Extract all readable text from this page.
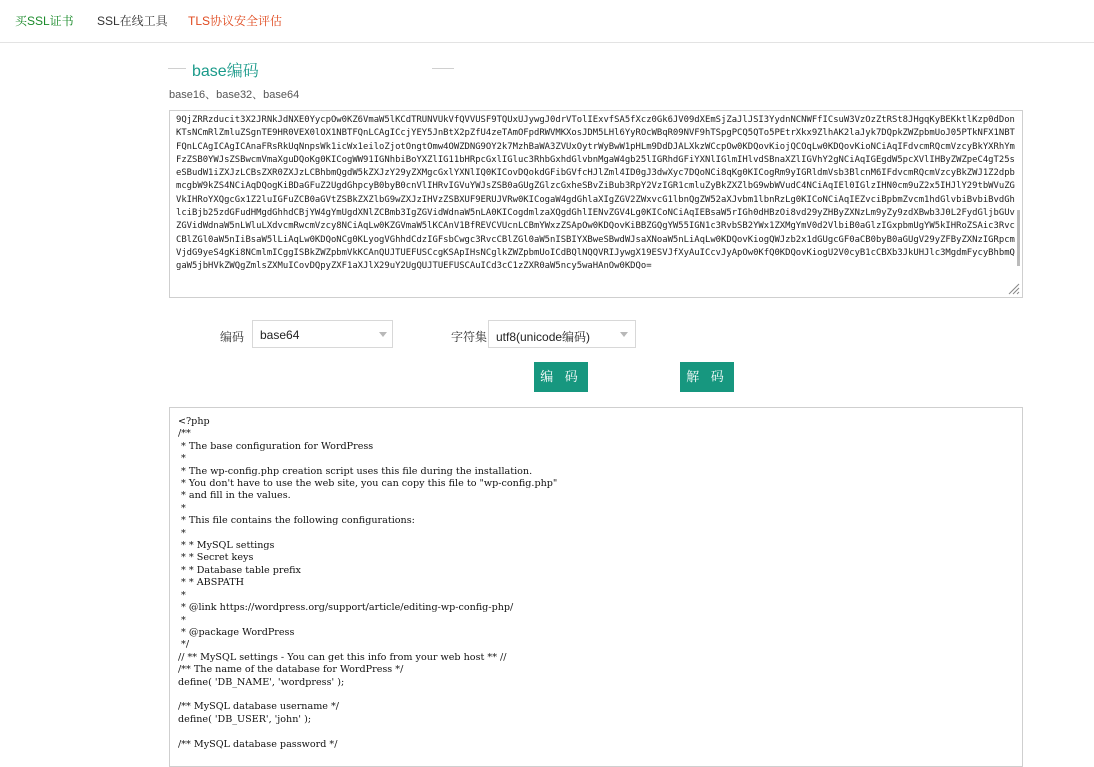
买SSL证书 SSL在线工具 TLS协议安全评估
base编码
base16、base32、base64
9QjZRRzducit3X2JRNkJdNXE0YycpOw0KZ6VmaW5lKCdTRUNVUkVfQVVUSF9TQUxUJywgJ0drVTolIExvfSA5fXcz0Gk6JV09dXEmSjZaJlJSI3YydnNCNWFfICsuW3VzOzZtRSt8JHgqKyBEKktlKzp0dDonKTsNCmRlZmluZSgnTE9HR0VEX0lOX1NBTFQnLCAgICcjYEY5JnBtX2pZfU4zeTAmOFpdRWVMKXosJDM5LHl6YyROcWBqR09NVF9hTSpgPCQ5QTo5PEtrXkx9ZlhAK2laJyk7DQpkZWZpbmUoJ05PTkNFX1NBTFQnLCAgICAgICAnaFRsRkUqNnpsWk1icWx1eiloZjotOngtOmw4OWZDNG9OY2k7MzhBaWA3ZVUxOytrWyBwW1pHLm9DdDJALXkzWCcpOw0KDQovKiojQCOqLw0KDQovKioNCiAqIFdvcmRQcmVzcyBkYXRhYmFzZSB0YWJsZSBwcmVmaXguDQoKg0KICogWW91IGNhbiBoYXZlIG11bHRpcGxlIGluc3RhbGxhdGlvbnMgaW4gb25lIGRhdGFiYXNlIGlmIHlvdSBnaXZlIGVhY2gNCiAqIGEgdW5pcXVlIHByZWZpeC4gT25seSBudW1iZXJzLCBsZXR0ZXJzLCBhbmQgdW5kZXJzY29yZXMgcGxlYXNlIQ0KICovDQokdGFibGVfcHJlZml4ID0gJ3dwXyc7DQoNCi8qKg0KICogRm9yIGRldmVsb3BlcnM6IFdvcmRQcmVzcyBkZWJ1Z2dpbmcgbW9kZS4NCiAqDQogKiBDaGFuZ2UgdGhpcyB0byB0cnVlIHRvIGVuYWJsZSB0aGUgZGlzcGxheSBvZiBub3RpY2VzIGR1cmluZyBkZXZlbG9wbWVudC4NCiAqIEl0IGlzIHN0cm9uZ2x5IHJlY29tbWVuZGVkIHRoYXQgcGx1Z2luIGFuZCB0aGVtZSBkZXZlbG9wZXJzIHVzZSBXUF9ERUJVRw0KICogaW4gdGhlaXIgZGV2ZWxvcG1lbnQgZW52aXJvbm1lbnRzLg0KICoNCiAqIEZvciBpbmZvcm1hdGlvbiBvbiBvdGhlciBjb25zdGFudHMgdGhhdCBjYW4gYmUgdXNlZCBmb3IgZGVidWdnaW5nLA0KICogdmlzaXQgdGhlIENvZGV4Lg0KICoNCiAqIEBsaW5rIGh0dHBzOi8vd29yZHByZXNzLm9yZy9zdXBwb3J0L2FydGljbGUvZGVidWdnaW5nLWluLXdvcmRwcmVzcy8NCiAqLw0KZGVmaW5lKCAnV1BfREVCVUcnLCBmYWxzZSApOw0KDQovKiBBZGQgYW55IGN1c3RvbSB2YWx1ZXMgYmV0d2VlbiB0aGlzIGxpbmUgYW5kIHRoZSAic3RvcCBlZGl0aW5nIiBsaW5lLiAqLw0KDQoNCg0KLyogVGhhdCdzIGFsbCwgc3RvcCBlZGl0aW5nISBIYXBweSBwdWJsaXNoaW5nLiAqLw0KDQovKiogQWJzb2x1dGUgcGF0aCB0byB0aGUgV29yZFByZXNzIGRpcmVjdG9yeS4gKi8NCmlmICggISBkZWZpbmVkKCAnQUJTUEFUSCcgKSApIHsNCglkZWZpbmUoICdBQlNQQVRIJywgX19ESVJfXyAuICcvJyApOw0KfQ0KDQovKiogU2V0cyB1cCBXb3JkUHJlc3MgdmFycyBhbmQgaW5jbHVkZWQgZmlsZXMuICovDQpyZXF1aXJlX29uY2UgQUJTUEFUSCAuICd3cC1zZXR0aW5ncy5waHAnOw0KDQo=
编码 base64	字符集 utf8(unicode编码)
编 码	解 码
<?php
/**
* The base configuration for WordPress
*
* The wp-config.php creation script uses this file during the installation.
* You don't have to use the web site, you can copy this file to "wp-config.php"
* and fill in the values.
*
* This file contains the following configurations:
*
* * MySQL settings
* * Secret keys
* * Database table prefix
* * ABSPATH
*
* @link https://wordpress.org/support/article/editing-wp-config-php/
*
* @package WordPress
*/
// ** MySQL settings - You can get this info from your web host ** //
/** The name of the database for WordPress */
define( 'DB_NAME', 'wordpress' );

/** MySQL database username */
define( 'DB_USER', 'john' );

/** MySQL database password */
